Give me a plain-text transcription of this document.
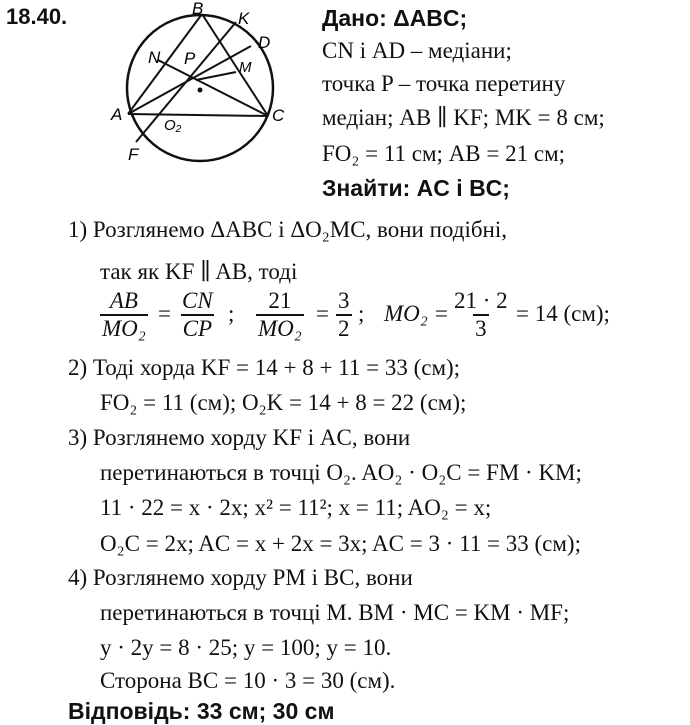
18.40.	B
K
D
N P	M
A	C
O₂
F
Дано: ΔABC;
CN і AD – медіани;
точка P – точка перетину
медіан; AB ∥ KF; MK = 8 см;
FO₂ = 11 см; AB = 21 см;
Знайти: AC і BC;
1) Розглянемо ΔABC і ΔO₂MC, вони подібні,
так як KF ∥ AB, тоді
$\frac{AB}{\text{MO₂}} = \frac{CN}{CP}$ ; $\frac{21}{\text{MO₂}} = \frac{3}{2}$ ; $MO_2 = \frac{21 \cdot 2}{3} = 14$ (см);
2) Тоді хорда KF = 14 + 8 + 11 = 33 (см);
FO₂ = 11 (см); O₂K = 14 + 8 = 22 (см);
3) Розглянемо хорду KF і AC, вони
перетинаються в точці O₂. AO₂ · O₂C = FM · KM;
11 · 22 = x · 2x; x² = 11²; x = 11; AO₂ = x;
O₂C = 2x; AC = x + 2x = 3x; AC = 3 · 11 = 33 (см);
4) Розглянемо хорду PM і BC, вони
перетинаються в точці M. BM · MC = KM · MF;
y · 2y = 8 · 25; y = 100; y = 10.
Сторона BC = 10 · 3 = 30 (см).
Відповідь: 33 см; 30 см
